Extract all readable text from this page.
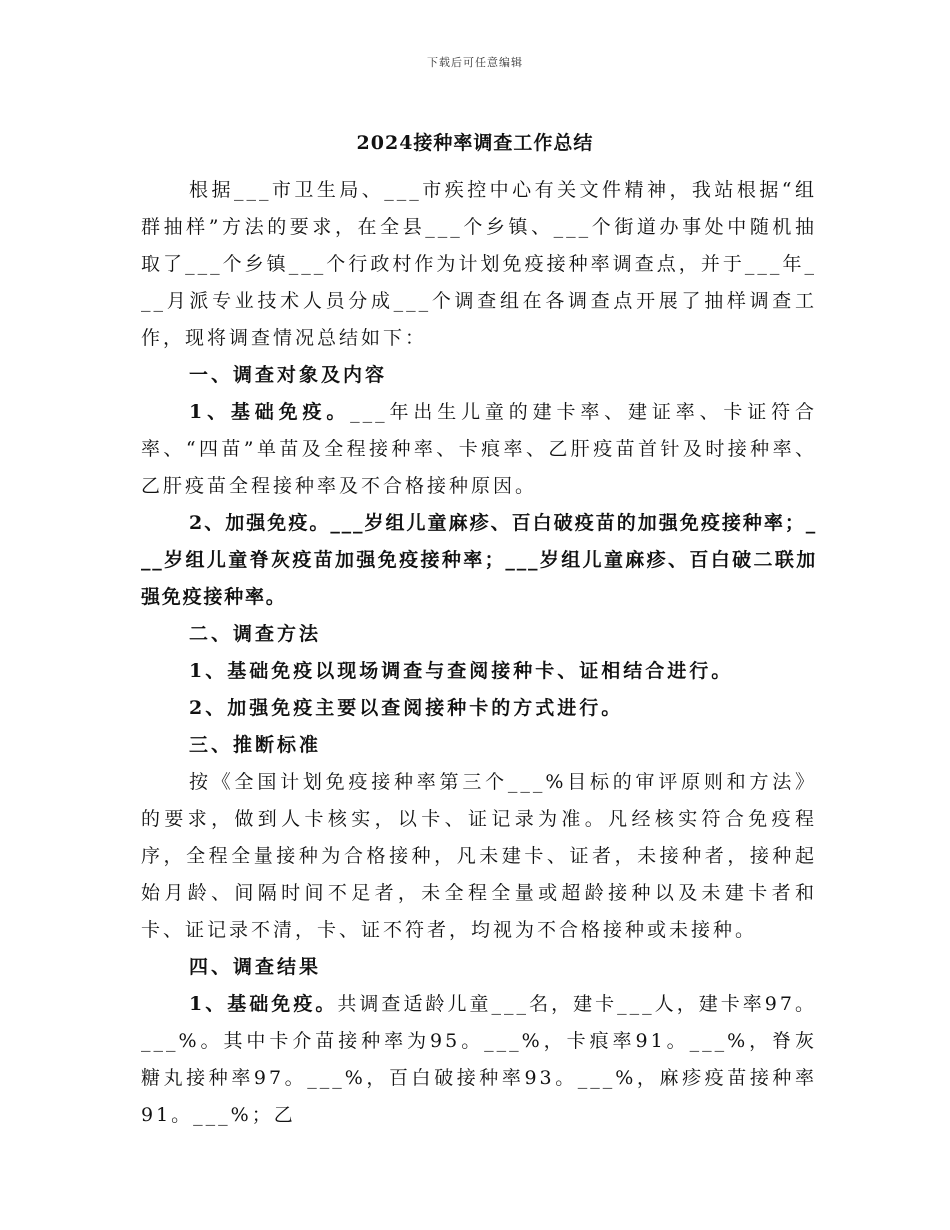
下载后可任意编辑
2024接种率调查工作总结

根据___市卫生局、___市疾控中心有关文件精神，我站根据“组群抽样”方法的要求，在全县___个乡镇、___个街道办事处中随机抽取了___个乡镇___个行政村作为计划免疫接种率调查点，并于___年___月派专业技术人员分成___个调查组在各调查点开展了抽样调查工作，现将调查情况总结如下：

一、调查对象及内容

1、基础免疫。___年出生儿童的建卡率、建证率、卡证符合率、“四苗”单苗及全程接种率、卡痕率、乙肝疫苗首针及时接种率、乙肝疫苗全程接种率及不合格接种原因。

2、加强免疫。___岁组儿童麻疹、百白破疫苗的加强免疫接种率；___岁组儿童脊灰疫苗加强免疫接种率；___岁组儿童麻疹、百白破二联加强免疫接种率。

二、调查方法

1、基础免疫以现场调查与查阅接种卡、证相结合进行。

2、加强免疫主要以查阅接种卡的方式进行。

三、推断标准

按《全国计划免疫接种率第三个___%目标的审评原则和方法》的要求，做到人卡核实，以卡、证记录为准。凡经核实符合免疫程序，全程全量接种为合格接种，凡未建卡、证者，未接种者，接种起始月龄、间隔时间不足者，未全程全量或超龄接种以及未建卡者和卡、证记录不清，卡、证不符者，均视为不合格接种或未接种。

四、调查结果

1、基础免疫。共调查适龄儿童___名，建卡___人，建卡率97。___%。其中卡介苗接种率为95。___%，卡痕率91。___%，脊灰糖丸接种率97。___%，百白破接种率93。___%，麻疹疫苗接种率91。___%；乙
